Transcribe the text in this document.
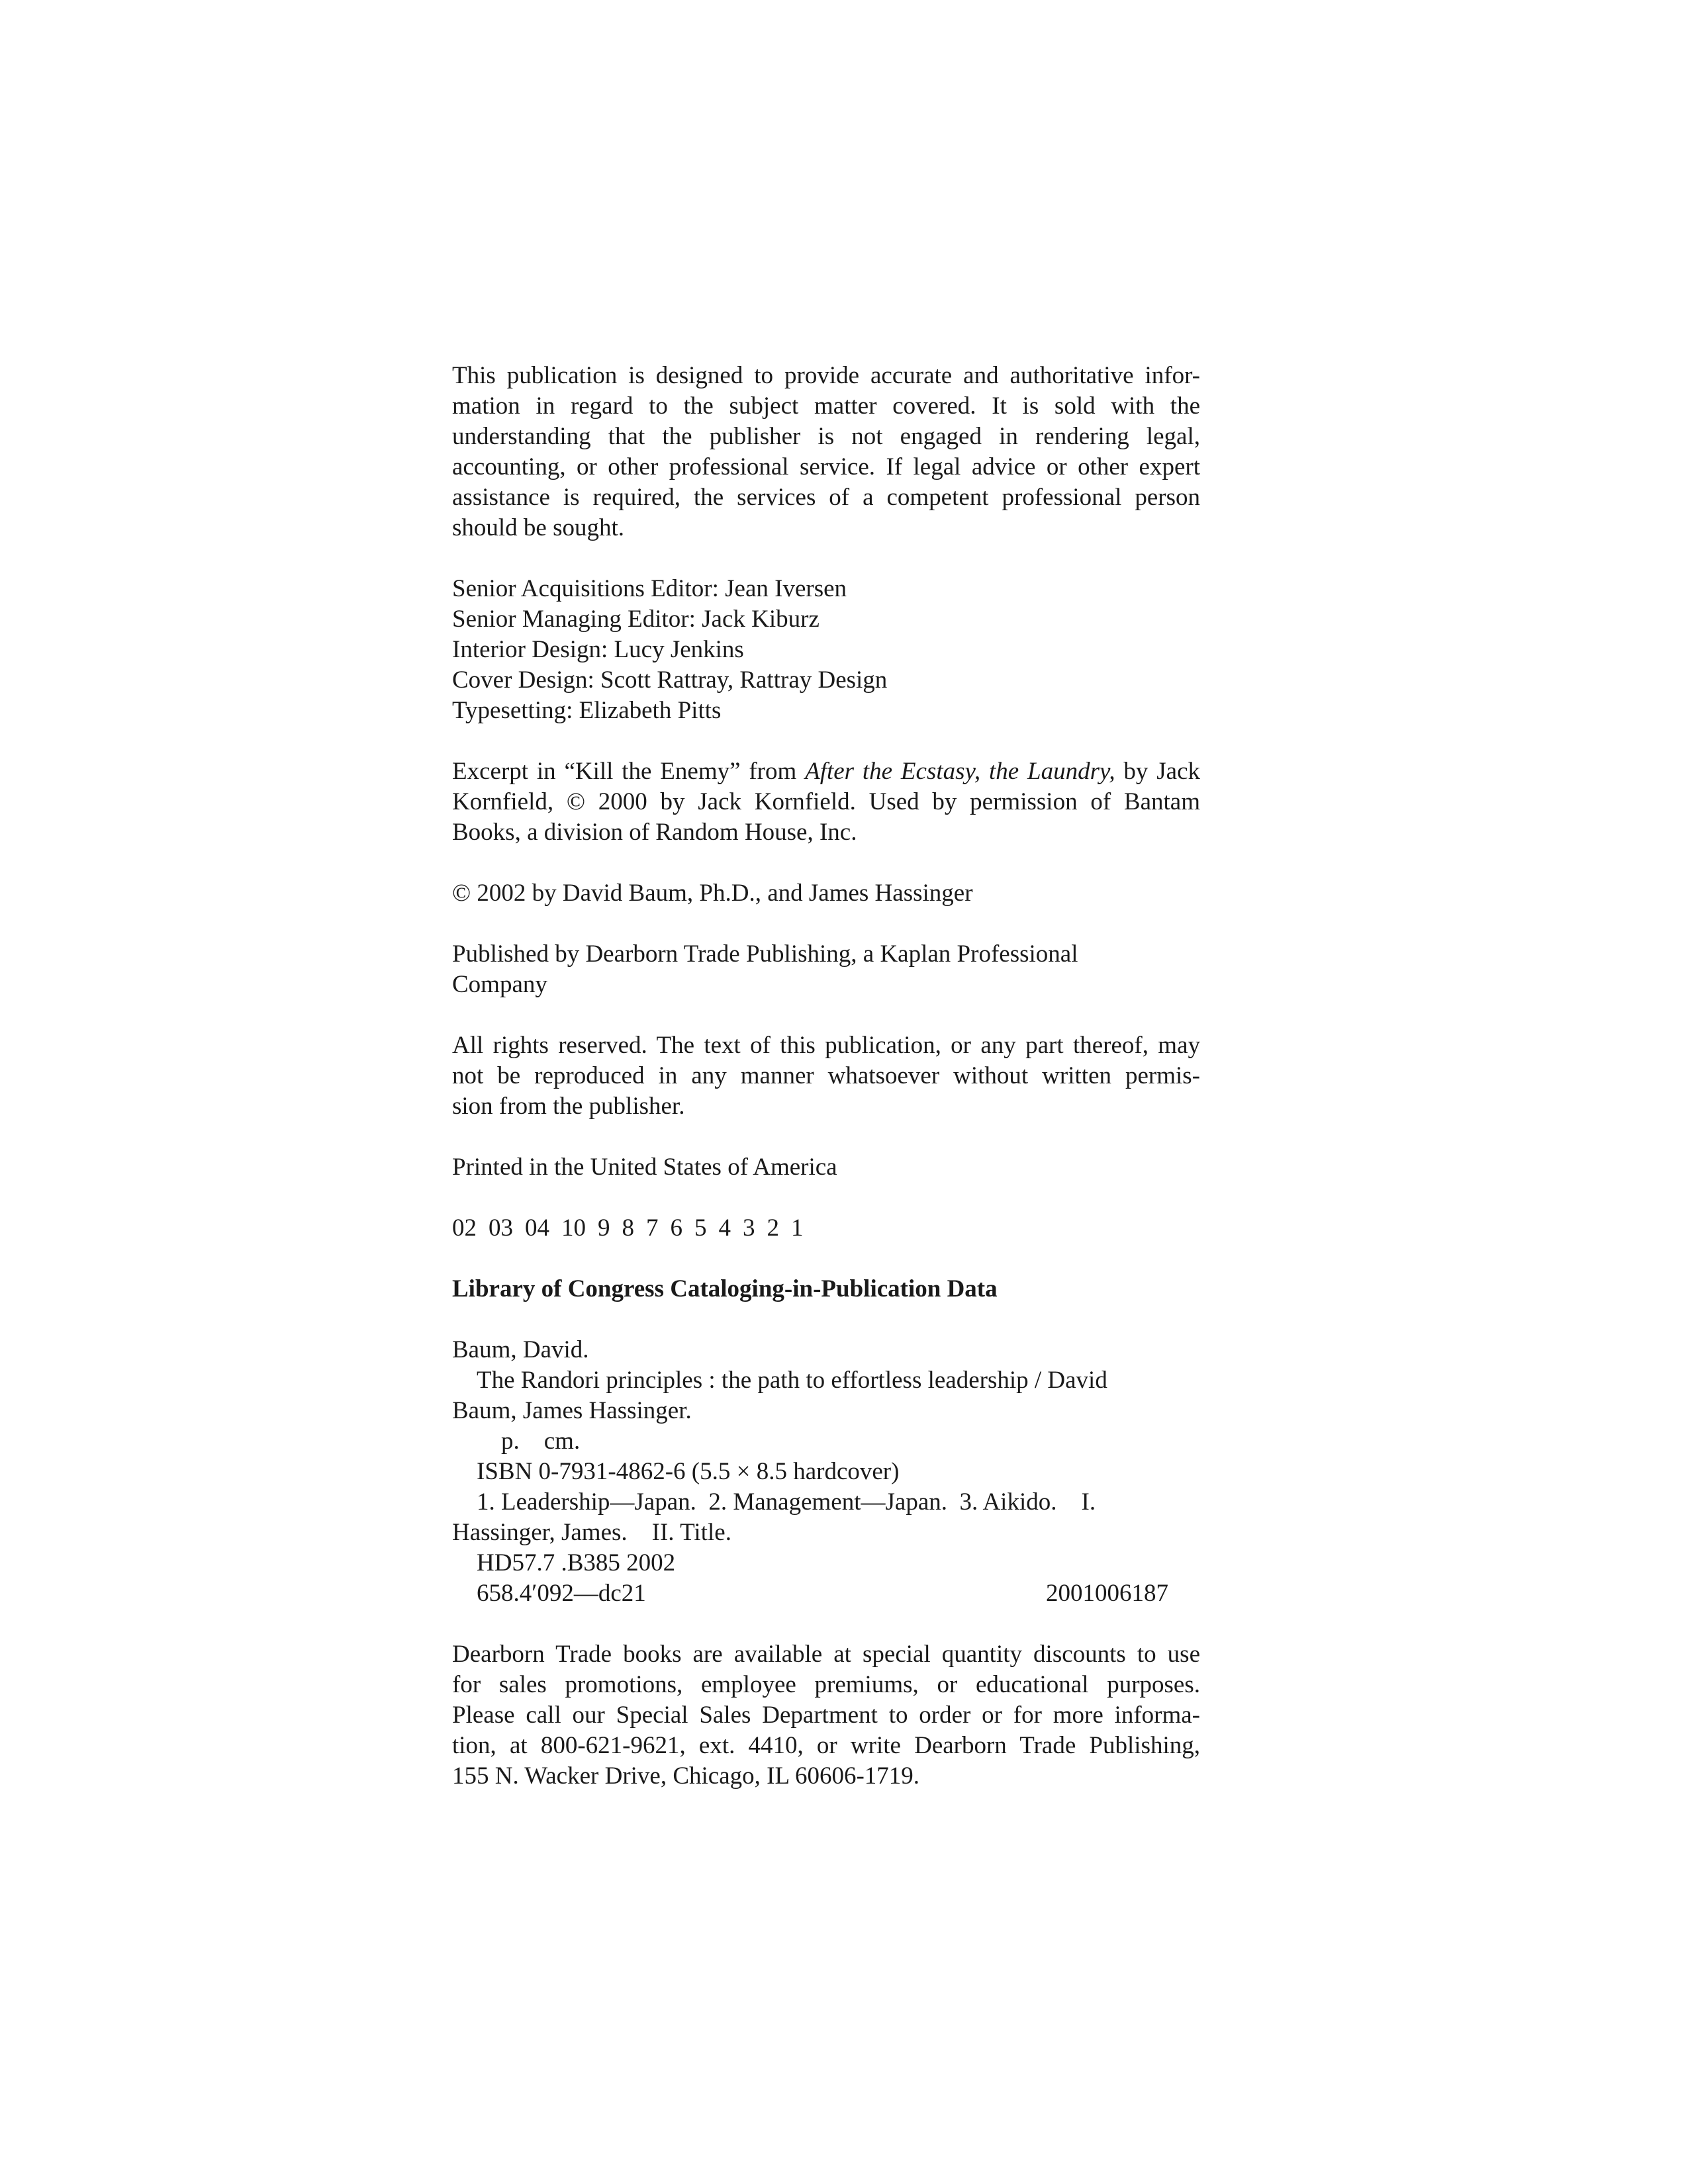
This publication is designed to provide accurate and authoritative infor-
mation in regard to the subject matter covered. It is sold with the
understanding that the publisher is not engaged in rendering legal,
accounting, or other professional service. If legal advice or other expert
assistance is required, the services of a competent professional person
should be sought.
Senior Acquisitions Editor: Jean Iversen
Senior Managing Editor: Jack Kiburz
Interior Design: Lucy Jenkins
Cover Design: Scott Rattray, Rattray Design
Typesetting: Elizabeth Pitts
Excerpt in “Kill the Enemy” from After the Ecstasy, the Laundry, by Jack
Kornfield, © 2000 by Jack Kornfield. Used by permission of Bantam
Books, a division of Random House, Inc.
© 2002 by David Baum, Ph.D., and James Hassinger
Published by Dearborn Trade Publishing, a Kaplan Professional
Company
All rights reserved. The text of this publication, or any part thereof, may
not be reproduced in any manner whatsoever without written permis-
sion from the publisher.
Printed in the United States of America
02 03 04 10 9 8 7 6 5 4 3 2 1
Library of Congress Cataloging-in-Publication Data
Baum, David.
The Randori principles : the path to effortless leadership / David
Baum, James Hassinger.
p.    cm.
ISBN 0-7931-4862-6 (5.5 × 8.5 hardcover)
1. Leadership—Japan.  2. Management—Japan.  3. Aikido.    I.
Hassinger, James.    II. Title.
HD57.7 .B385 2002
658.4′092—dc21	2001006187
Dearborn Trade books are available at special quantity discounts to use
for sales promotions, employee premiums, or educational purposes.
Please call our Special Sales Department to order or for more informa-
tion, at 800-621-9621, ext. 4410, or write Dearborn Trade Publishing,
155 N. Wacker Drive, Chicago, IL 60606-1719.
